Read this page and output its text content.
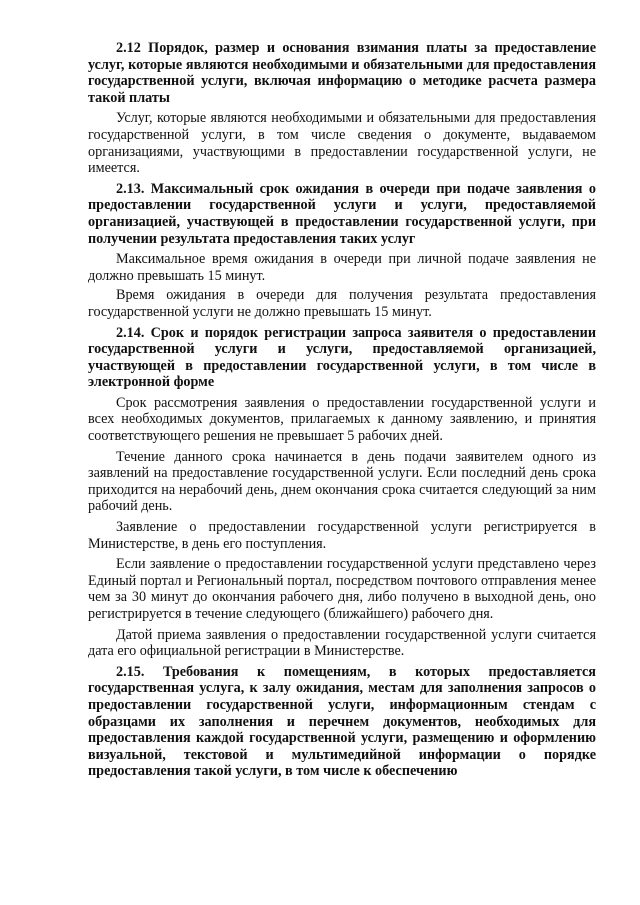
2.12 Порядок, размер и основания взимания платы за предоставление услуг, которые являются необходимыми и обязательными для предоставления государственной услуги, включая информацию о методике расчета размера такой платы

Услуг, которые являются необходимыми и обязательными для предоставления государственной услуги, в том числе сведения о документе, выдаваемом организациями, участвующими в предоставлении государственной услуги, не имеется.

2.13. Максимальный срок ожидания в очереди при подаче заявления о предоставлении государственной услуги и услуги, предоставляемой организацией, участвующей в предоставлении государственной услуги, при получении результата предоставления таких услуг

Максимальное время ожидания в очереди при личной подаче заявления не должно превышать 15 минут.

Время ожидания в очереди для получения результата предоставления государственной услуги не должно превышать 15 минут.

2.14. Срок и порядок регистрации запроса заявителя о предоставлении государственной услуги и услуги, предоставляемой организацией, участвующей в предоставлении государственной услуги, в том числе в электронной форме

Срок рассмотрения заявления о предоставлении государственной услуги и всех необходимых документов, прилагаемых к данному заявлению, и принятия соответствующего решения не превышает 5 рабочих дней.

Течение данного срока начинается в день подачи заявителем одного из заявлений на предоставление государственной услуги. Если последний день срока приходится на нерабочий день, днем окончания срока считается следующий за ним рабочий день.

Заявление о предоставлении государственной услуги регистрируется в Министерстве, в день его поступления.

Если заявление о предоставлении государственной услуги представлено через Единый портал и Региональный портал, посредством почтового отправления менее чем за 30 минут до окончания рабочего дня, либо получено в выходной день, оно регистрируется в течение следующего (ближайшего) рабочего дня.

Датой приема заявления о предоставлении государственной услуги считается дата его официальной регистрации в Министерстве.

2.15. Требования к помещениям, в которых предоставляется государственная услуга, к залу ожидания, местам для заполнения запросов о предоставлении государственной услуги, информационным стендам с образцами их заполнения и перечнем документов, необходимых для предоставления каждой государственной услуги, размещению и оформлению визуальной, текстовой и мультимедийной информации о порядке предоставления такой услуги, в том числе к обеспечению
